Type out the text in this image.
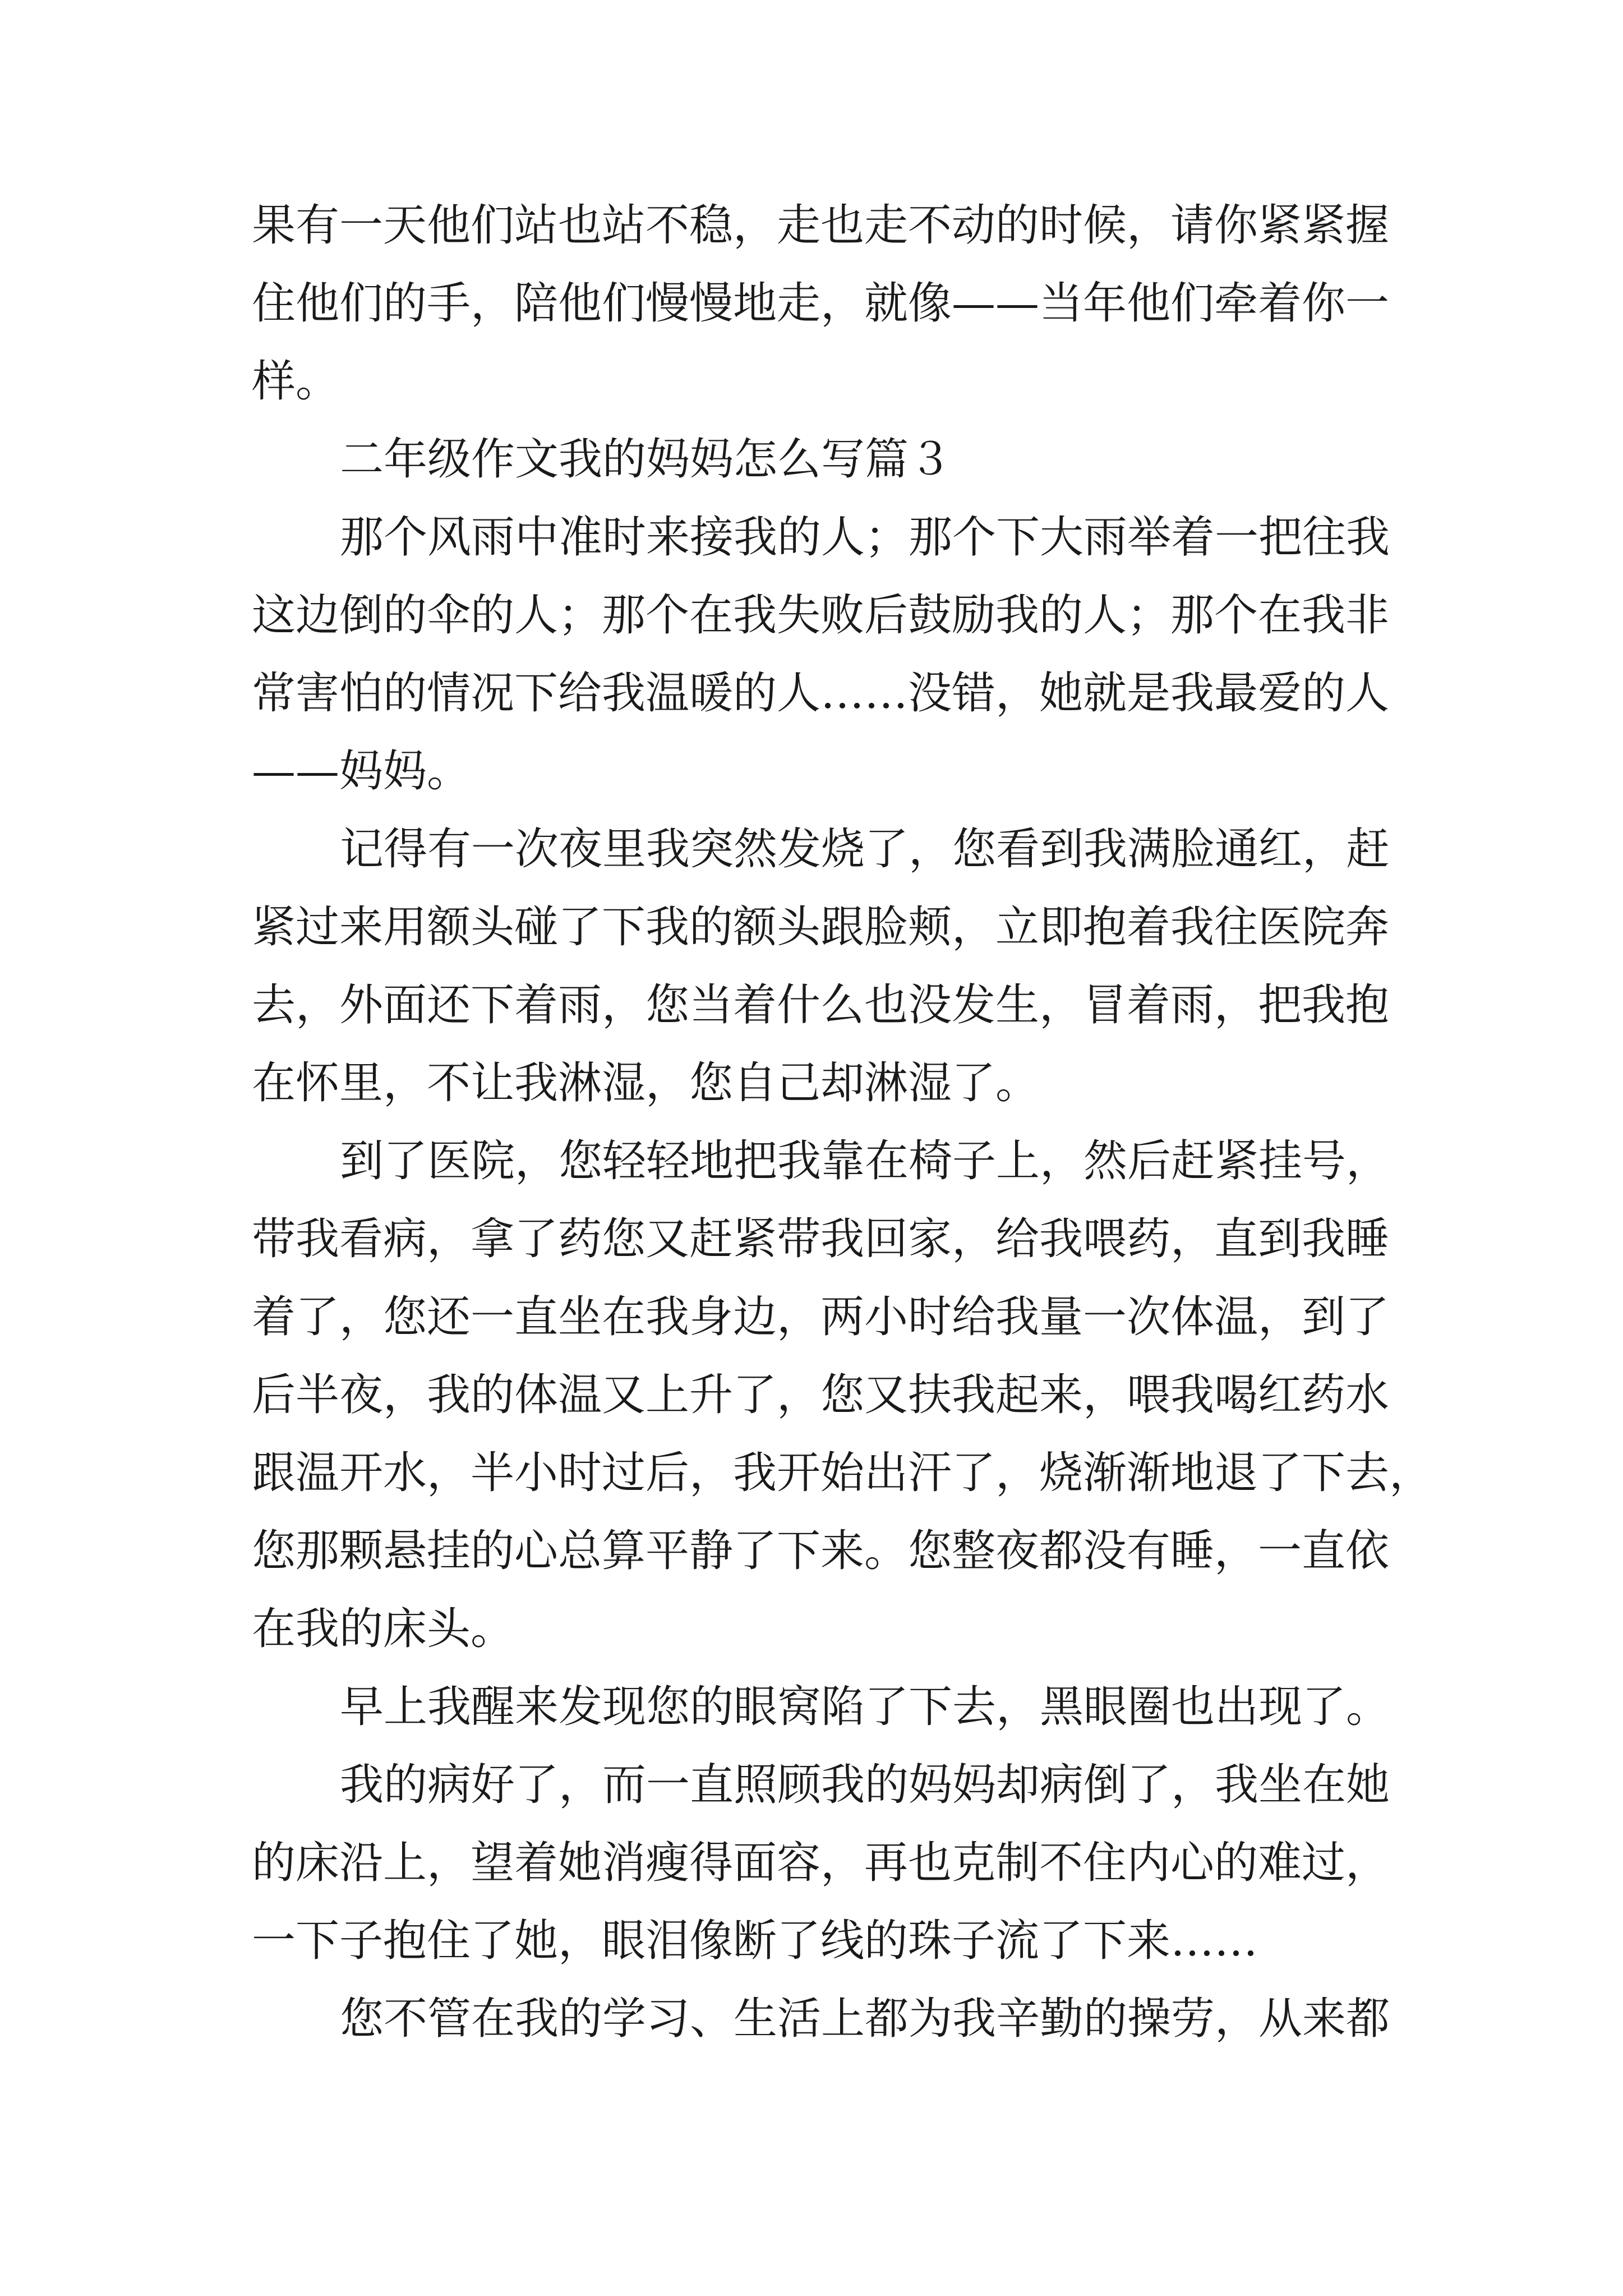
果有一天他们站也站不稳，走也走不动的时候，请你紧紧握
住他们的手，陪他们慢慢地走，就像——当年他们牵着你一
样。
二年级作文我的妈妈怎么写篇３
那个风雨中准时来接我的人；那个下大雨举着一把往我
这边倒的伞的人；那个在我失败后鼓励我的人；那个在我非
常害怕的情况下给我温暖的人……没错，她就是我最爱的人
——妈妈。
记得有一次夜里我突然发烧了，您看到我满脸通红，赶
紧过来用额头碰了下我的额头跟脸颊，立即抱着我往医院奔
去，外面还下着雨，您当着什么也没发生，冒着雨，把我抱
在怀里，不让我淋湿，您自己却淋湿了。
到了医院，您轻轻地把我靠在椅子上，然后赶紧挂号，
带我看病，拿了药您又赶紧带我回家，给我喂药，直到我睡
着了，您还一直坐在我身边，两小时给我量一次体温，到了
后半夜，我的体温又上升了，您又扶我起来，喂我喝红药水
跟温开水，半小时过后，我开始出汗了，烧渐渐地退了下去，
您那颗悬挂的心总算平静了下来。您整夜都没有睡，一直依
在我的床头。
早上我醒来发现您的眼窝陷了下去，黑眼圈也出现了。
我的病好了，而一直照顾我的妈妈却病倒了，我坐在她
的床沿上，望着她消瘦得面容，再也克制不住内心的难过，
一下子抱住了她，眼泪像断了线的珠子流了下来……
您不管在我的学习、生活上都为我辛勤的操劳，从来都
